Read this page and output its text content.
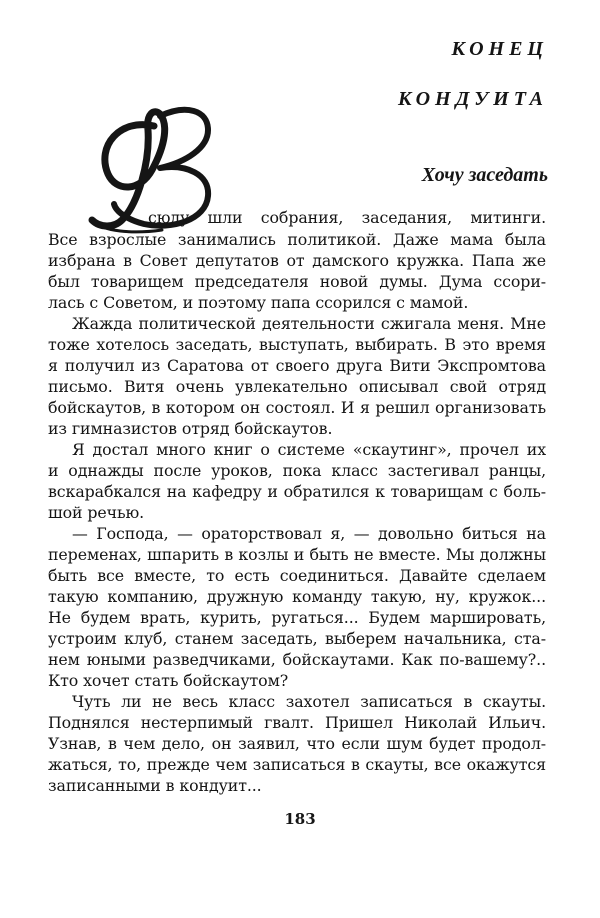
КОНЕЦ
КОНДУИТА
Хочу заседать
сюду шли собрания, заседания, митинги.
Все взрослые занимались политикой. Даже мама была
избрана в Совет депутатов от дамского кружка. Папа же
был товарищем председателя новой думы. Дума ссори-
лась с Советом, и поэтому папа ссорился с мамой.
Жажда политической деятельности сжигала меня. Мне
тоже хотелось заседать, выступать, выбирать. В это время
я получил из Саратова от своего друга Вити Экспромтова
письмо. Витя очень увлекательно описывал свой отряд
бойскаутов, в котором он состоял. И я решил организовать
из гимназистов отряд бойскаутов.
Я достал много книг о системе «скаутинг», прочел их
и однажды после уроков, пока класс застегивал ранцы,
вскарабкался на кафедру и обратился к товарищам с боль-
шой речью.
— Господа, — ораторствовал я, — довольно биться на
переменах, шпарить в козлы и быть не вместе. Мы должны
быть все вместе, то есть соединиться. Давайте сделаем
такую компанию, дружную команду такую, ну, кружок...
Не будем врать, курить, ругаться... Будем маршировать,
устроим клуб, станем заседать, выберем начальника, ста-
нем юными разведчиками, бойскаутами. Как по-вашему?..
Кто хочет стать бойскаутом?
Чуть ли не весь класс захотел записаться в скауты.
Поднялся нестерпимый гвалт. Пришел Николай Ильич.
Узнав, в чем дело, он заявил, что если шум будет продол-
жаться, то, прежде чем записаться в скауты, все окажутся
записанными в кондуит...
183
